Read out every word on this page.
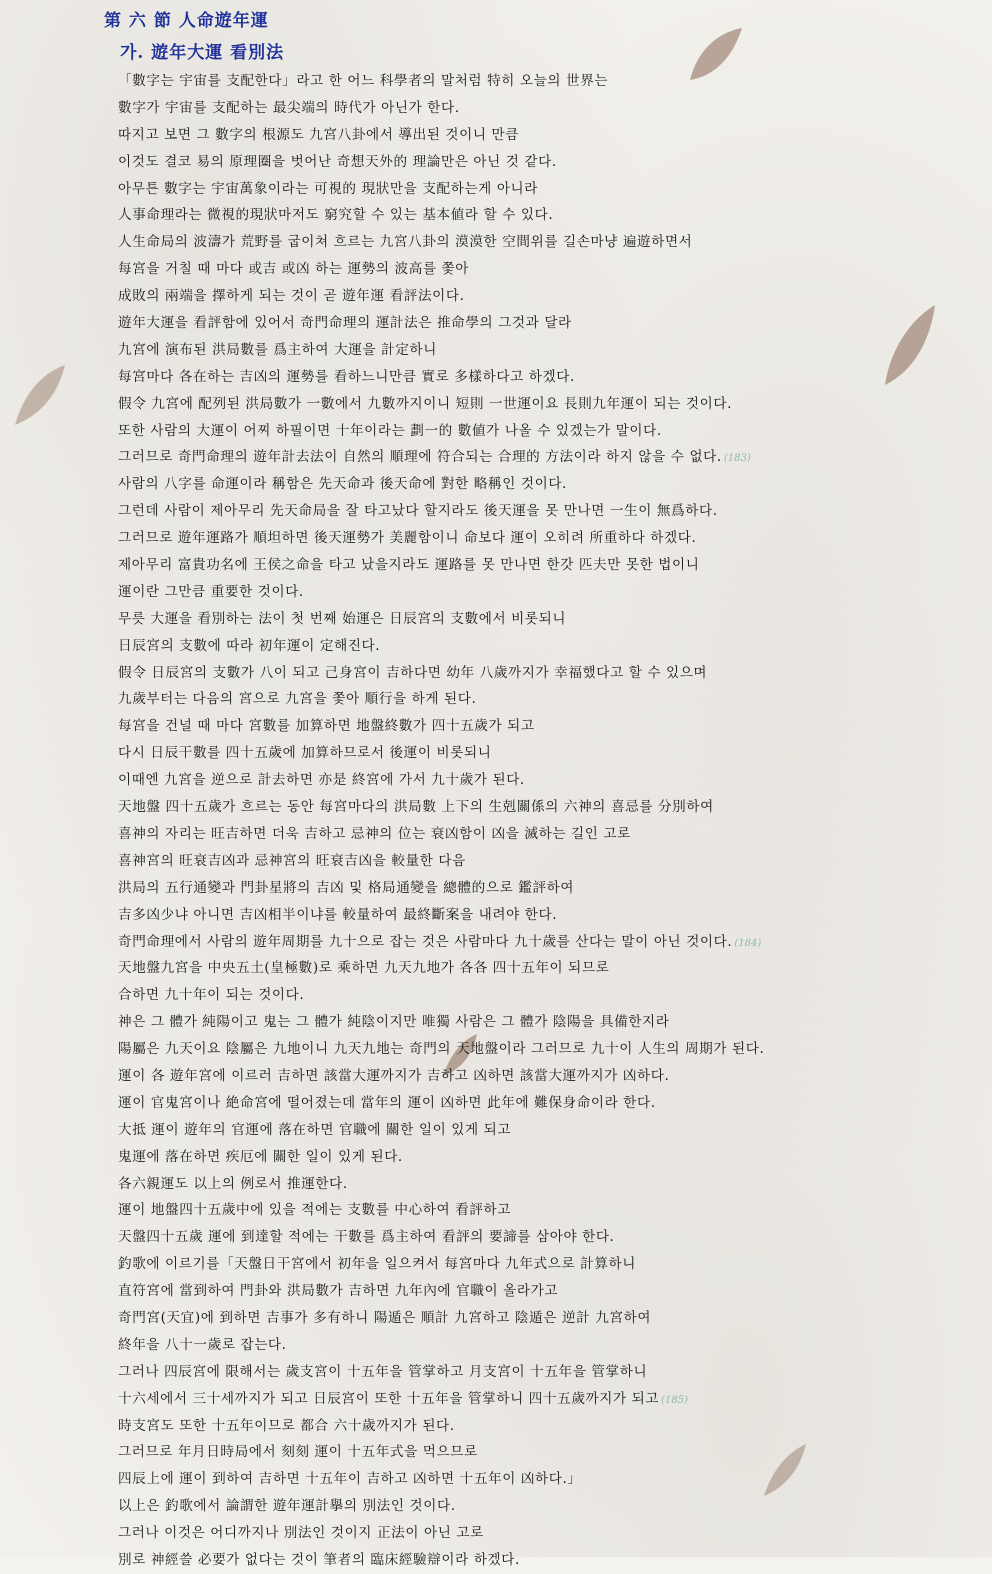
第 六 節 人命遊年運
가. 遊年大運 看別法
「數字는 宇宙를 支配한다」라고 한 어느 科學者의 말처럼 特히 오늘의 世界는
數字가 宇宙를 支配하는 最尖端의 時代가 아닌가 한다.
따지고 보면 그 數字의 根源도 九宮八卦에서 導出된 것이니 만큼
이것도 결코 易의 原理圈을 벗어난 奇想天外的 理論만은 아닌 것 같다.
아무튼 數字는 宇宙萬象이라는 可視的 現狀만을 支配하는게 아니라
人事命理라는 微視的現狀마저도 窮究할 수 있는 基本値라 할 수 있다.
人生命局의 波濤가 荒野를 굽이쳐 흐르는 九宮八卦의 漠漠한 空間위를 길손마냥 遍遊하면서
每宮을 거칠 때 마다 或吉 或凶 하는 運勢의 波高를 쫓아
成敗의 兩端을 擇하게 되는 것이 곧 遊年運 看評法이다.
遊年大運을 看評함에 있어서 奇門命理의 運計法은 推命學의 그것과 달라
九宮에 演布된 洪局數를 爲主하여 大運을 計定하니
每宮마다 各在하는 吉凶의 運勢를 看하느니만큼 實로 多樣하다고 하겠다.
假令 九宮에 配列된 洪局數가 一數에서 九數까지이니 短則 一世運이요 長則九年運이 되는 것이다.
또한 사람의 大運이 어찌 하필이면 十年이라는 劃一的 數値가 나올 수 있겠는가 말이다.
그러므로 奇門命理의 遊年計去法이 自然의 順理에 符合되는 合理的 方法이라 하지 않을 수 없다. (183)
사람의 八字를 命運이라 稱함은 先天命과 後天命에 對한 略稱인 것이다.
그런데 사람이 제아무리 先天命局을 잘 타고났다 할지라도 後天運을 못 만나면 一生이 無爲하다.
그러므로 遊年運路가 順坦하면 後天運勢가 美麗함이니 命보다 運이 오히려 所重하다 하겠다.
제아무리 富貴功名에 王侯之命을 타고 났을지라도 運路를 못 만나면 한갓 匹夫만 못한 법이니
運이란 그만큼 重要한 것이다.
무릇 大運을 看別하는 法이 첫 번째 始運은 日辰宮의 支數에서 비롯되니
日辰宮의 支數에 따라 初年運이 定해진다.
假令 日辰宮의 支數가 八이 되고 己身宮이 吉하다면 幼年 八歲까지가 幸福했다고 할 수 있으며
九歲부터는 다음의 宮으로 九宮을 쫓아 順行을 하게 된다.
每宮을 건널 때 마다 宮數를 加算하면 地盤終數가 四十五歲가 되고
다시 日辰干數를 四十五歲에 加算하므로서 後運이 비롯되니
이때엔 九宮을 逆으로 計去하면 亦是 終宮에 가서 九十歲가 된다.
天地盤 四十五歲가 흐르는 동안 每宮마다의 洪局數 上下의 生剋關係의 六神의 喜忌를 分別하여
喜神의 자리는 旺吉하면 더욱 吉하고 忌神의 位는 衰凶함이 凶을 滅하는 길인 고로
喜神宮의 旺衰吉凶과 忌神宮의 旺衰吉凶을 較量한 다음
洪局의 五行通變과 門卦星將의 吉凶 및 格局通變을 總體的으로 鑑評하여
吉多凶少냐 아니면 吉凶相半이냐를 較量하여 最終斷案을 내려야 한다.
奇門命理에서 사람의 遊年周期를 九十으로 잡는 것은 사람마다 九十歲를 산다는 말이 아닌 것이다. (184)
天地盤九宮을 中央五土(皇極數)로 乘하면 九天九地가 各各 四十五年이 되므로
合하면 九十年이 되는 것이다.
神은 그 體가 純陽이고 鬼는 그 體가 純陰이지만 唯獨 사람은 그 體가 陰陽을 具備한지라
陽屬은 九天이요 陰屬은 九地이니 九天九地는 奇門의 天地盤이라 그러므로 九十이 人生의 周期가 된다.
運이 各 遊年宮에 이르러 吉하면 該當大運까지가 吉하고 凶하면 該當大運까지가 凶하다.
運이 官鬼宮이나 絶命宮에 떨어졌는데 當年의 運이 凶하면 此年에 難保身命이라 한다.
大抵 運이 遊年의 官運에 落在하면 官職에 關한 일이 있게 되고
鬼運에 落在하면 疾厄에 關한 일이 있게 된다.
各六親運도 以上의 例로서 推運한다.
運이 地盤四十五歲中에 있을 적에는 支數를 中心하여 看評하고
天盤四十五歲 運에 到達할 적에는 干數를 爲主하여 看評의 要諦를 삼아야 한다.
釣歌에 이르기를「天盤日干宮에서 初年을 일으켜서 每宮마다 九年式으로 計算하니
直符宮에 當到하여 門卦와 洪局數가 吉하면 九年內에 官職이 올라가고
奇門宮(天宜)에 到하면 吉事가 多有하니 陽遁은 順計 九宮하고 陰遁은 逆計 九宮하여
終年을 八十一歲로 잡는다.
그러나 四辰宮에 限해서는 歲支宮이 十五年을 管掌하고 月支宮이 十五年을 管掌하니
十六세에서 三十세까지가 되고 日辰宮이 또한 十五年을 管掌하니 四十五歲까지가 되고 (185)
時支宮도 또한 十五年이므로 都合 六十歲까지가 된다.
그러므로 年月日時局에서 刻刻 運이 十五年式을 먹으므로
四辰上에 運이 到하여 吉하면 十五年이 吉하고 凶하면 十五年이 凶하다.」
以上은 釣歌에서 論謂한 遊年運計擧의 別法인 것이다.
그러나 이것은 어디까지나 別法인 것이지 正法이 아닌 고로
別로 神經쓸 必要가 없다는 것이 筆者의 臨床經驗辯이라 하겠다.
